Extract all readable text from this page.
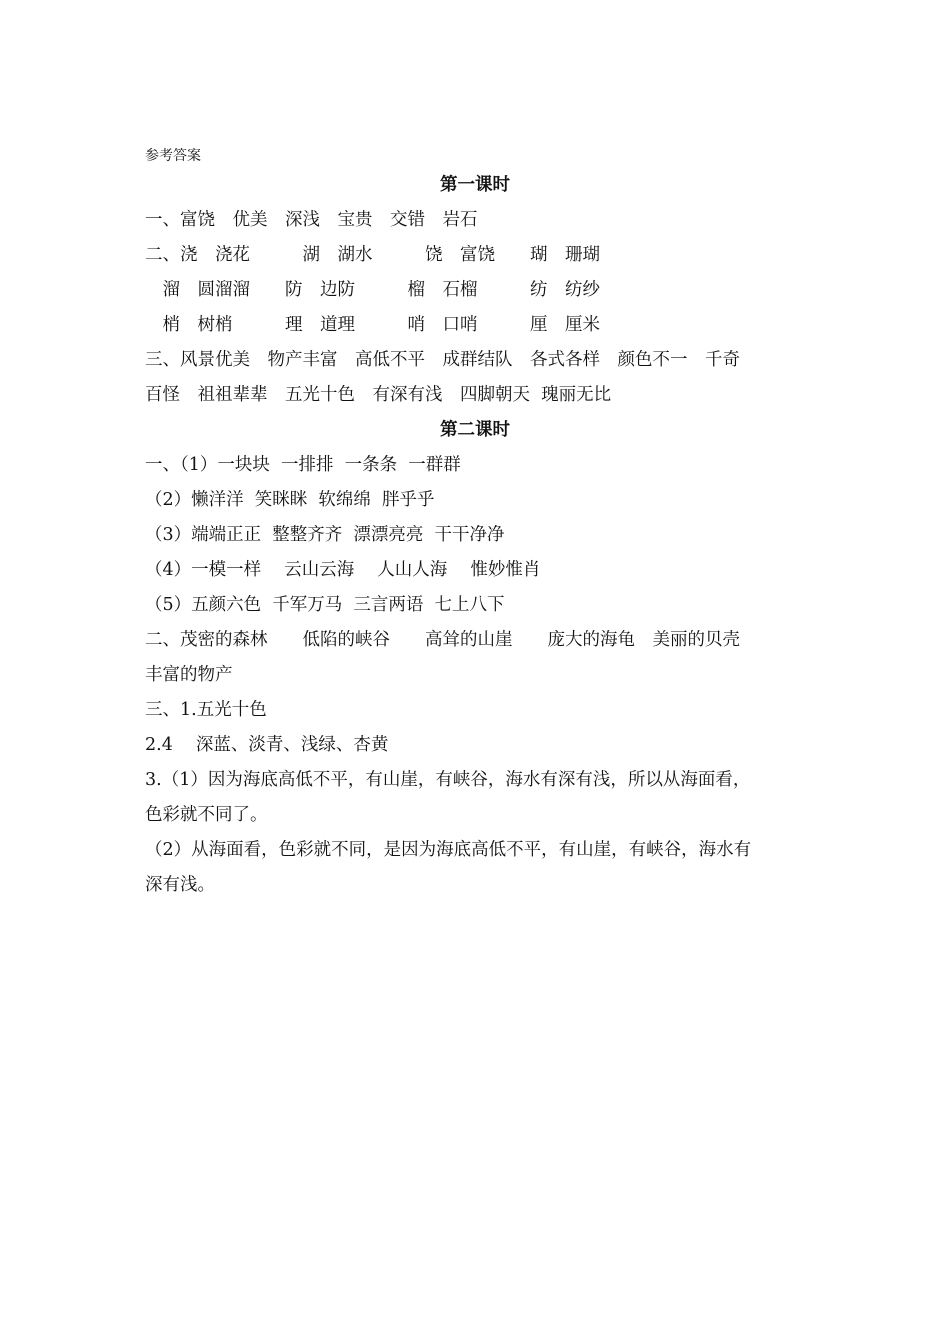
参考答案
第一课时
一、富饶　优美　深浅　宝贵　交错　岩石
二、浇　浇花　　　湖　湖水　　　饶　富饶　　瑚　珊瑚
　溜　圆溜溜　　防　边防　　　榴　石榴　　　纺　纺纱
　梢　树梢　　　理　道理　　　哨　口哨　　　厘　厘米
三、风景优美　物产丰富　高低不平　成群结队　各式各样　颜色不一　千奇
百怪　祖祖辈辈　五光十色　有深有浅　四脚朝天  瑰丽无比
第二课时
一、（1）一块块  一排排  一条条  一群群
（2）懒洋洋  笑眯眯  软绵绵  胖乎乎
（3）端端正正  整整齐齐  漂漂亮亮  干干净净
（4）一模一样　 云山云海　 人山人海　 惟妙惟肖
（5）五颜六色  千军万马  三言两语  七上八下
二、茂密的森林　　低陷的峡谷　　高耸的山崖　　庞大的海龟　美丽的贝壳
丰富的物产
三、1.五光十色
2.4　 深蓝、淡青、浅绿、杏黄
3.（1）因为海底高低不平，有山崖，有峡谷，海水有深有浅，所以从海面看，
色彩就不同了。
（2）从海面看，色彩就不同，是因为海底高低不平，有山崖，有峡谷，海水有
深有浅。
